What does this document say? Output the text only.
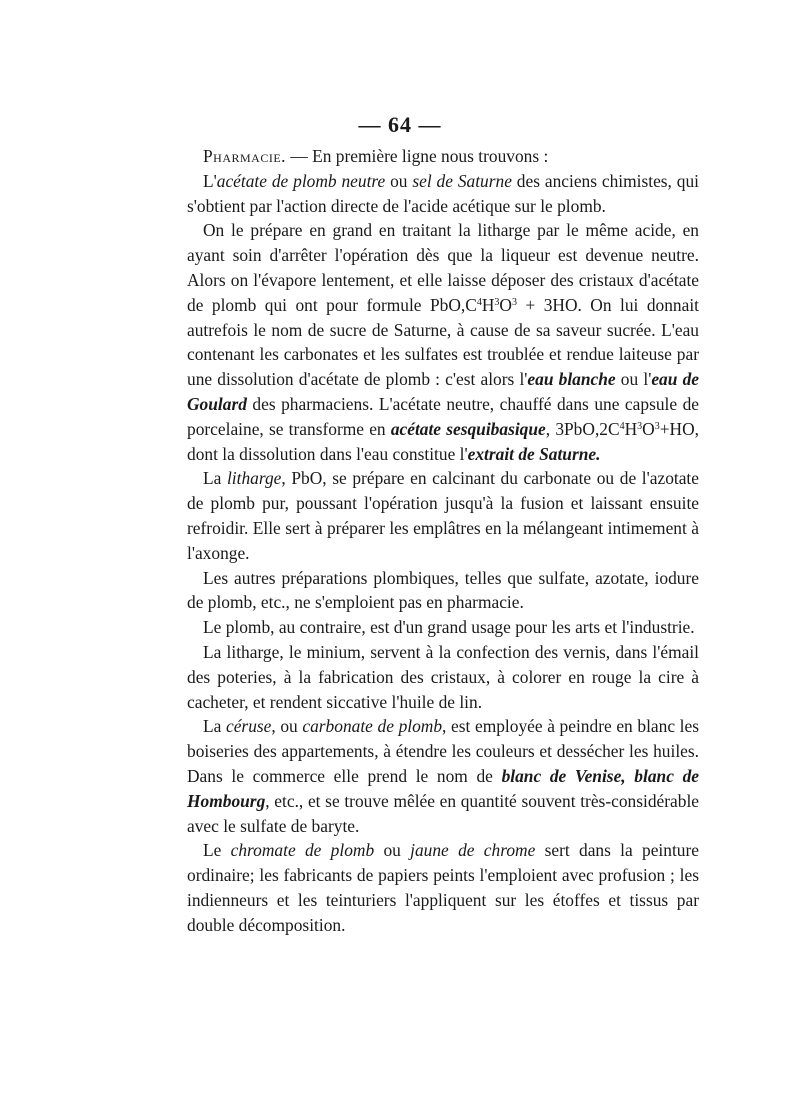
— 64 —

Pharmacie. — En première ligne nous trouvons :

L'acétate de plomb neutre ou sel de Saturne des anciens chimistes, qui s'obtient par l'action directe de l'acide acétique sur le plomb.

On le prépare en grand en traitant la litharge par le même acide, en ayant soin d'arrêter l'opération dès que la liqueur est devenue neutre. Alors on l'évapore lentement, et elle laisse déposer des cristaux d'acétate de plomb qui ont pour formule $PbO,C^4H^3O^3 + 3HO$. On lui donnait autrefois le nom de sucre de Saturne, à cause de sa saveur sucrée. L'eau contenant les carbonates et les sulfates est troublée et rendue laiteuse par une dissolution d'acétate de plomb : c'est alors l'eau blanche ou l'eau de Goulard des pharmaciens. L'acétate neutre, chauffé dans une capsule de porcelaine, se transforme en acétate sesquibasique, $3PbO,2C^4H^3O^3+HO$, dont la dissolution dans l'eau constitue l'extrait de Saturne.

La litharge, PbO, se prépare en calcinant du carbonate ou de l'azotate de plomb pur, poussant l'opération jusqu'à la fusion et laissant ensuite refroidir. Elle sert à préparer les emplâtres en la mélangeant intimement à l'axonge.

Les autres préparations plombiques, telles que sulfate, azotate, iodure de plomb, etc., ne s'emploient pas en pharmacie.

Le plomb, au contraire, est d'un grand usage pour les arts et l'industrie.

La litharge, le minium, servent à la confection des vernis, dans l'émail des poteries, à la fabrication des cristaux, à colorer en rouge la cire à cacheter, et rendent siccative l'huile de lin.

La céruse, ou carbonate de plomb, est employée à peindre en blanc les boiseries des appartements, à étendre les couleurs et dessécher les huiles. Dans le commerce elle prend le nom de blanc de Venise, blanc de Hombourg, etc., et se trouve mêlée en quantité souvent très-considérable avec le sulfate de baryte.

Le chromate de plomb ou jaune de chrome sert dans la peinture ordinaire; les fabricants de papiers peints l'emploient avec profusion ; les indienneurs et les teinturiers l'appliquent sur les étoffes et tissus par double décomposition.
